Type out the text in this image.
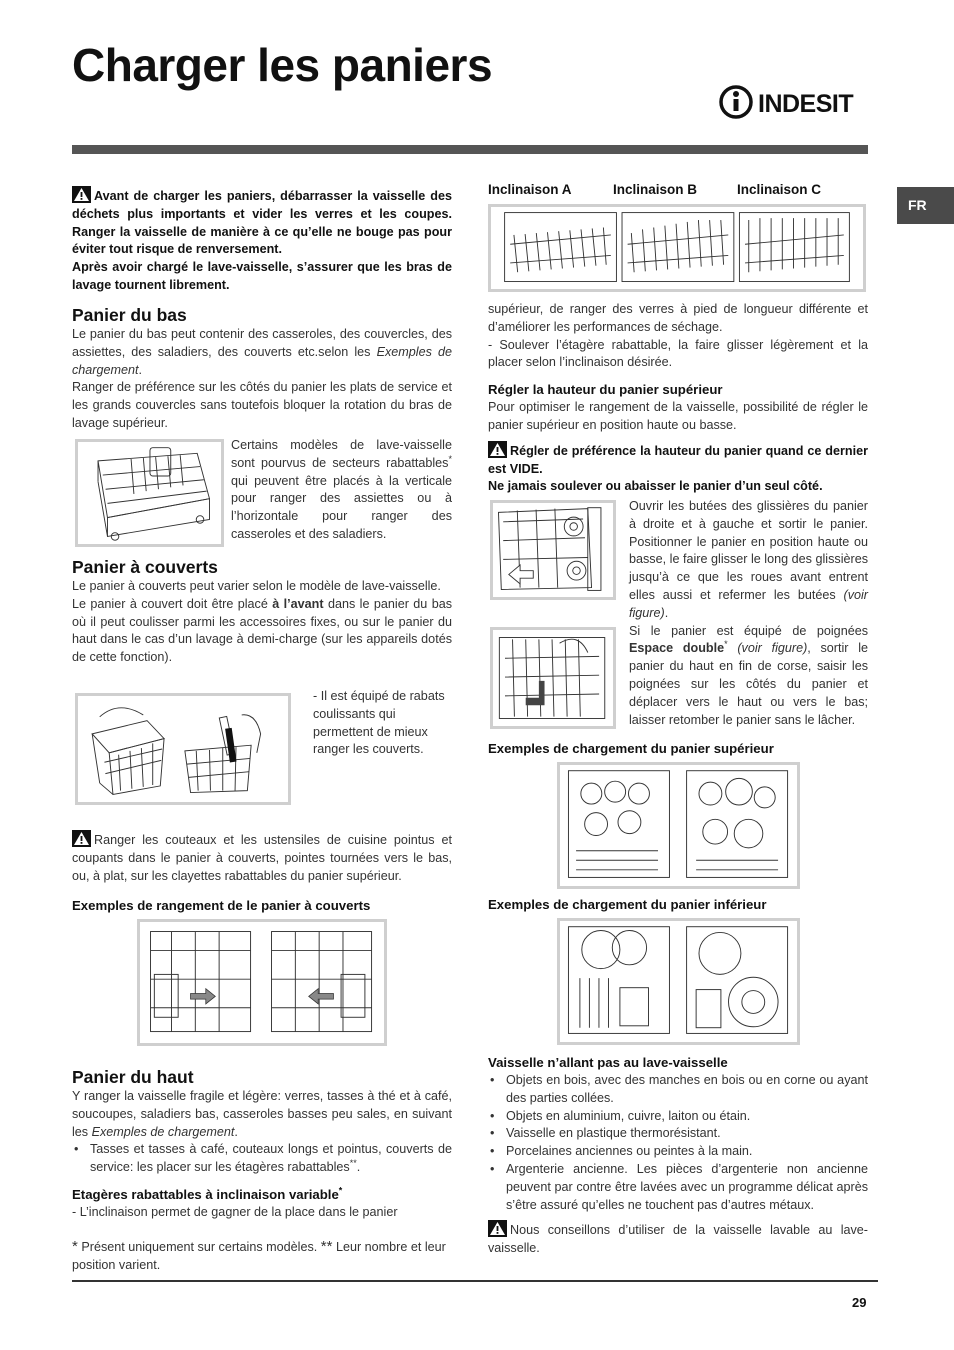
Charger les paniers
INDESIT
FR

Avant de charger les paniers, débarrasser la vaisselle des déchets plus importants et vider les verres et les coupes. Ranger la vaisselle de manière à ce qu’elle ne bouge pas pour éviter tout risque de renversement.

Après avoir chargé le lave-vaisselle, s’assurer que les bras de lavage tournent librement.

Panier du bas

Le panier du bas peut contenir des casseroles, des couvercles, des assiettes, des saladiers, des couverts etc.selon les Exemples de chargement.

Ranger de préférence sur les côtés du panier les plats de service et les grands couvercles sans toutefois bloquer la rotation du bras de lavage supérieur.

Certains modèles de lave-vaisselle sont pourvus de secteurs rabattables* qui peuvent être placés à la verticale pour ranger des assiettes ou à l’horizontale pour ranger des casseroles et des saladiers.

Panier à couverts

Le panier à couverts peut varier selon le modèle de lave-vaisselle.

Le panier à couvert doit être placé à l’avant dans le panier du bas où il peut coulisser parmi les accessoires fixes, ou sur le panier du haut dans le cas d’un lavage à demi-charge (sur les appareils dotés de cette fonction).

- Il est équipé de rabats coulissants qui permettent de mieux ranger les couverts.

Ranger les couteaux et les ustensiles de cuisine pointus et coupants dans le panier à couverts, pointes tournées vers le bas, ou, à plat, sur les clayettes rabattables du panier supérieur.

Exemples de rangement de le panier à couverts
Panier du haut

Y ranger la vaisselle fragile et légère: verres, tasses à thé et à café, soucoupes, saladiers bas, casseroles basses peu sales, en suivant les Exemples de chargement.

• Tasses et tasses à café, couteaux longs et pointus, couverts de service: les placer sur les étagères rabattables**.
Etagères rabattables à inclinaison variable*

- L’inclinaison permet de gagner de la place dans le panier

* Présent uniquement sur certains modèles. ** Leur nombre et leur position varient.

Inclinaison A	Inclinaison B	Inclinaison C

supérieur, de ranger des verres à pied de longueur différente et d’améliorer les performances de séchage.

- Soulever l’étagère rabattable, la faire glisser légèrement et la placer selon l’inclinaison désirée.

Régler la hauteur du panier supérieur

Pour optimiser le rangement de la vaisselle, possibilité de régler le panier supérieur en position haute ou basse.

Régler de préférence la hauteur du panier quand ce dernier est VIDE.

Ne jamais soulever ou abaisser le panier d’un seul côté.

Ouvrir les butées des glissières du panier à droite et à gauche et sortir le panier. Positionner le panier en position haute ou basse, le faire glisser le long des glissières jusqu’à ce que les roues avant entrent elles aussi et refermer les butées (voir figure).

Si le panier est équipé de poignées Espace double* (voir figure), sortir le panier du haut en fin de corse, saisir les poignées sur les côtés du panier et déplacer vers le haut ou vers le bas; laisser retomber le panier sans le lâcher.

Exemples de chargement du panier supérieur
Exemples de chargement du panier inférieur
Vaisselle n’allant pas au lave-vaisselle
• Objets en bois, avec des manches en bois ou en corne ou ayant des parties collées.
• Objets en aluminium, cuivre, laiton ou étain.
• Vaisselle en plastique thermorésistant.
• Porcelaines anciennes ou peintes à la main.
• Argenterie ancienne. Les pièces d’argenterie non ancienne peuvent par contre être lavées avec un programme délicat après s’être assuré qu’elles ne touchent pas d’autres métaux.

Nous conseillons d’utiliser de la vaisselle lavable au lave-vaisselle.

29
